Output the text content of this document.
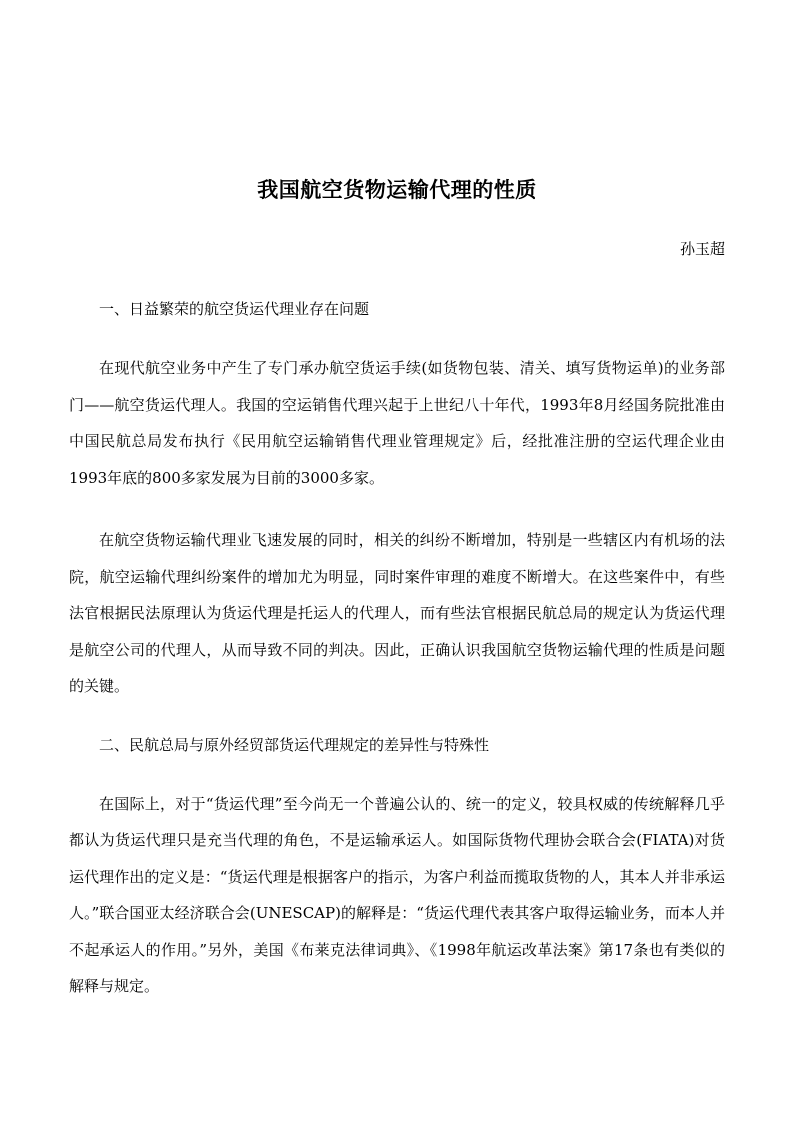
我国航空货物运输代理的性质

孙玉超

一、日益繁荣的航空货运代理业存在问题

在现代航空业务中产生了专门承办航空货运手续(如货物包装、清关、填写货物运单)的业务部门——航空货运代理人。我国的空运销售代理兴起于上世纪八十年代，1993年8月经国务院批准由中国民航总局发布执行《民用航空运输销售代理业管理规定》后，经批准注册的空运代理企业由1993年底的800多家发展为目前的3000多家。

在航空货物运输代理业飞速发展的同时，相关的纠纷不断增加，特别是一些辖区内有机场的法院，航空运输代理纠纷案件的增加尤为明显，同时案件审理的难度不断增大。在这些案件中，有些法官根据民法原理认为货运代理是托运人的代理人，而有些法官根据民航总局的规定认为货运代理是航空公司的代理人，从而导致不同的判决。因此，正确认识我国航空货物运输代理的性质是问题的关键。

二、民航总局与原外经贸部货运代理规定的差异性与特殊性

在国际上，对于“货运代理”至今尚无一个普遍公认的、统一的定义，较具权威的传统解释几乎都认为货运代理只是充当代理的角色，不是运输承运人。如国际货物代理协会联合会(FIATA)对货运代理作出的定义是：“货运代理是根据客户的指示，为客户利益而揽取货物的人，其本人并非承运人。”联合国亚太经济联合会(UNESCAP)的解释是：“货运代理代表其客户取得运输业务，而本人并不起承运人的作用。”另外，美国《布莱克法律词典》、《1998年航运改革法案》第17条也有类似的解释与规定。
